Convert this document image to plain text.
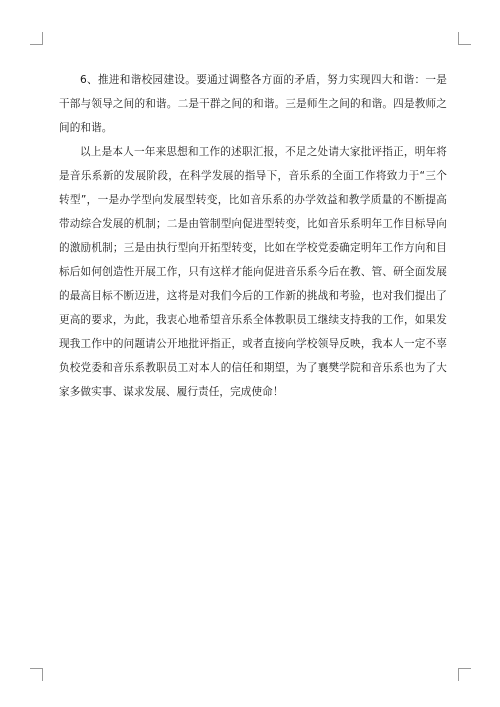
6、推进和谐校园建设。要通过调整各方面的矛盾，努力实现四大和谐：一是干部与领导之间的和谐。二是干群之间的和谐。三是师生之间的和谐。四是教师之间的和谐。

以上是本人一年来思想和工作的述职汇报，不足之处请大家批评指正，明年将是音乐系新的发展阶段，在科学发展的指导下，音乐系的全面工作将致力于“三个转型”，一是办学型向发展型转变，比如音乐系的办学效益和教学质量的不断提高带动综合发展的机制；二是由管制型向促进型转变，比如音乐系明年工作目标导向的激励机制；三是由执行型向开拓型转变，比如在学校党委确定明年工作方向和目标后如何创造性开展工作，只有这样才能向促进音乐系今后在教、管、研全面发展的最高目标不断迈进，这将是对我们今后的工作新的挑战和考验，也对我们提出了更高的要求，为此，我衷心地希望音乐系全体教职员工继续支持我的工作，如果发现我工作中的问题请公开地批评指正，或者直接向学校领导反映，我本人一定不辜负校党委和音乐系教职员工对本人的信任和期望，为了襄樊学院和音乐系也为了大家多做实事、谋求发展、履行责任，完成使命！
